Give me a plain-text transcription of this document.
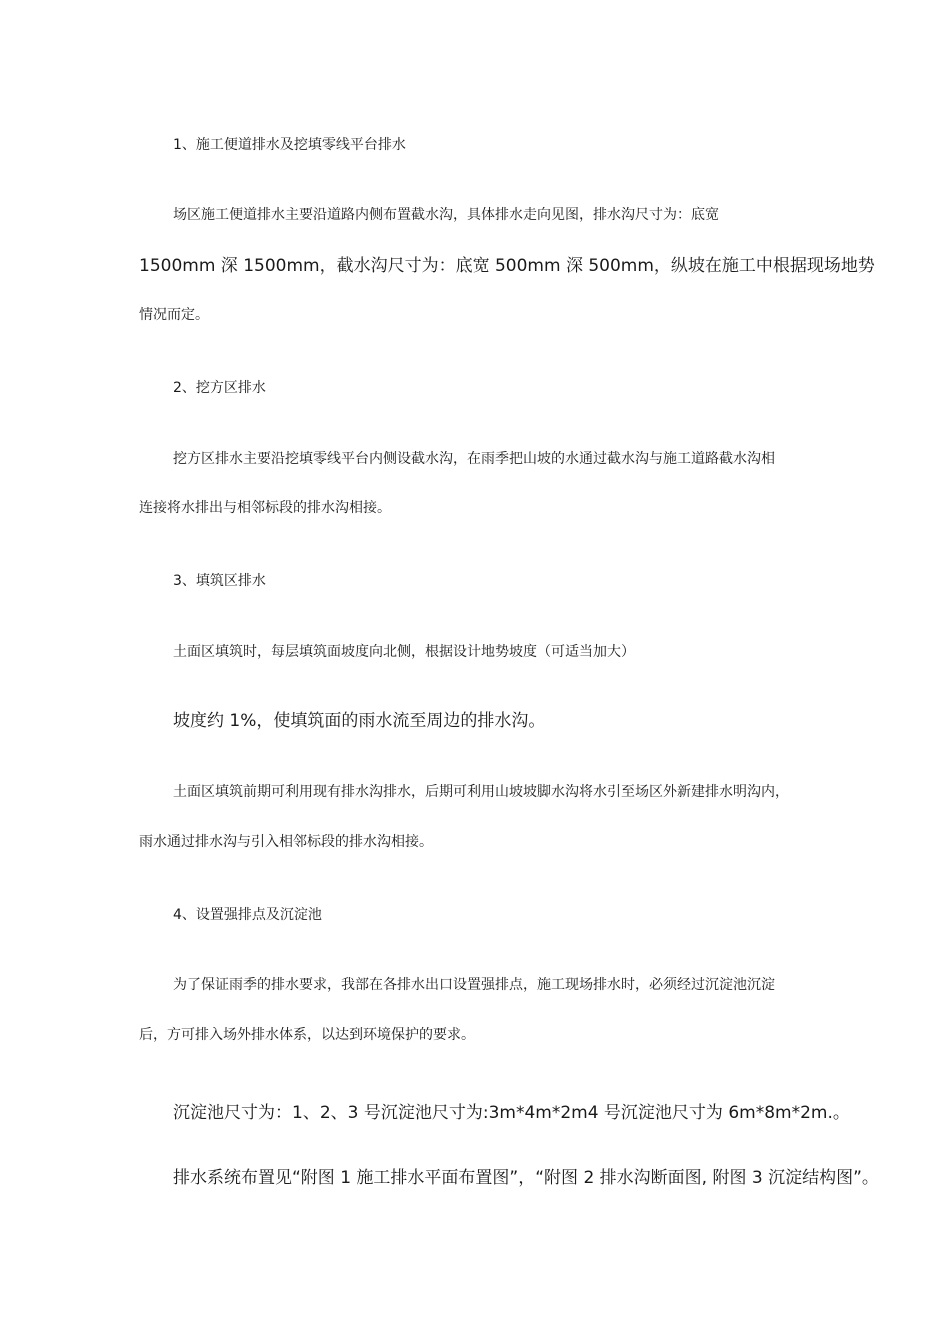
1、施工便道排水及挖填零线平台排水
场区施工便道排水主要沿道路内侧布置截水沟，具体排水走向见图，排水沟尺寸为：底宽
1500mm 深 1500mm，截水沟尺寸为：底宽 500mm 深 500mm，纵坡在施工中根据现场地势
情况而定。
2、挖方区排水
挖方区排水主要沿挖填零线平台内侧设截水沟，在雨季把山坡的水通过截水沟与施工道路截水沟相
连接将水排出与相邻标段的排水沟相接。
3、填筑区排水
土面区填筑时，每层填筑面坡度向北侧，根据设计地势坡度（可适当加大）
坡度约 1%，使填筑面的雨水流至周边的排水沟。
土面区填筑前期可利用现有排水沟排水，后期可利用山坡坡脚水沟将水引至场区外新建排水明沟内，
雨水通过排水沟与引入相邻标段的排水沟相接。
4、设置强排点及沉淀池
为了保证雨季的排水要求，我部在各排水出口设置强排点，施工现场排水时，必须经过沉淀池沉淀
后，方可排入场外排水体系，以达到环境保护的要求。
沉淀池尺寸为：1、2、3 号沉淀池尺寸为:3m*4m*2m4 号沉淀池尺寸为 6m*8m*2m.。
排水系统布置见“附图 1 施工排水平面布置图”，“附图 2 排水沟断面图, 附图 3 沉淀结构图”。
